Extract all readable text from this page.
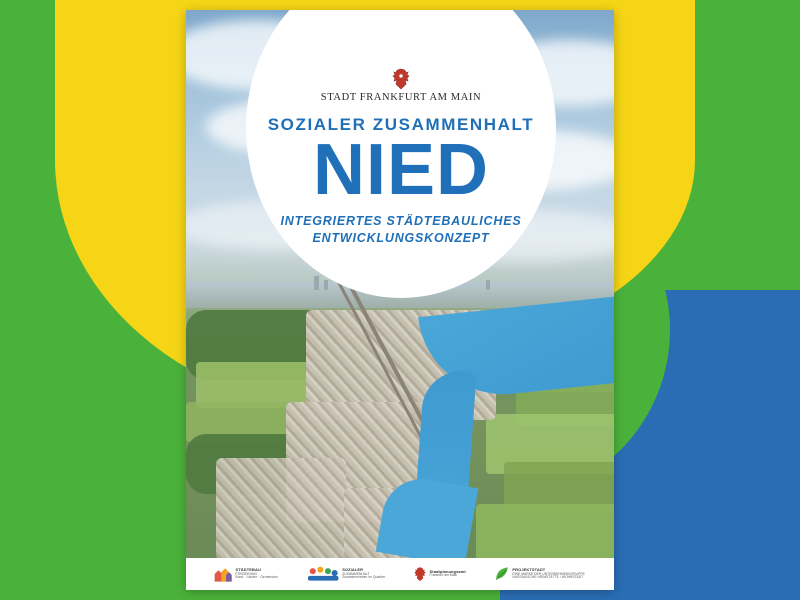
STADT FRANKFURT AM MAIN
SOZIALER ZUSAMMENHALT
NIED
INTEGRIERTES STÄDTEBAULICHES
ENTWICKLUNGSKONZEPT
STÄDTEBAU
FÖRDERUNG
Bund · Länder · Gemeinden
SOZIALER
ZUSAMMENHALT
Zusammenleben im Quartier
Stadtplanungsamt
Frankfurt am Main
PROJEKTSTADT
EINE MARKE DER UNTERNEHMENSGRUPPE
NASSAUISCHE HEIMSTÄTTE / WOHNSTADT
